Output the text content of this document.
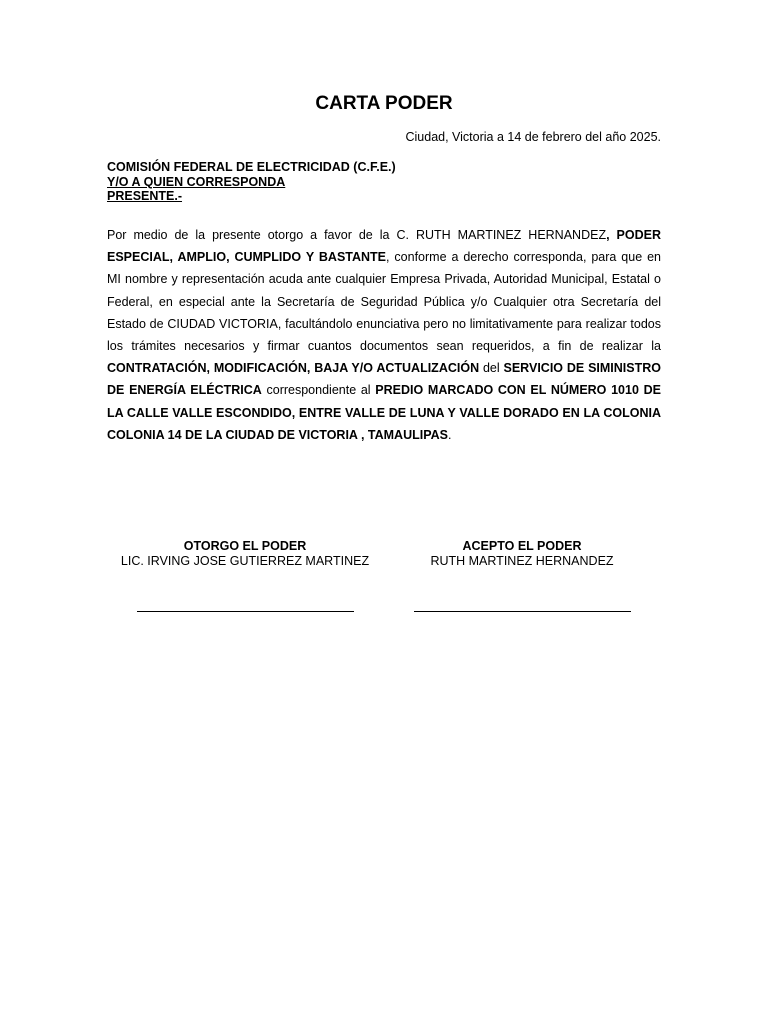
CARTA PODER
Ciudad, Victoria a 14 de febrero del año 2025.
COMISIÓN FEDERAL DE ELECTRICIDAD (C.F.E.)
Y/O A QUIEN CORRESPONDA
PRESENTE.-
Por medio de la presente otorgo a favor de la C. RUTH MARTINEZ HERNANDEZ, PODER ESPECIAL, AMPLIO, CUMPLIDO Y BASTANTE, conforme a derecho corresponda, para que en MI nombre y representación acuda ante cualquier Empresa Privada, Autoridad Municipal, Estatal o Federal, en especial ante la Secretaría de Seguridad Pública y/o Cualquier otra Secretaría del Estado de CIUDAD VICTORIA, facultándolo enunciativa pero no limitativamente para realizar todos los trámites necesarios y firmar cuantos documentos sean requeridos, a fin de realizar la CONTRATACIÓN, MODIFICACIÓN, BAJA Y/O ACTUALIZACIÓN del SERVICIO DE SIMINISTRO DE ENERGÍA ELÉCTRICA correspondiente al PREDIO MARCADO CON EL NÚMERO 1010 DE LA CALLE VALLE ESCONDIDO, ENTRE VALLE DE LUNA Y VALLE DORADO EN LA COLONIA COLONIA 14 DE LA CIUDAD DE VICTORIA , TAMAULIPAS.
OTORGO EL PODER
LIC. IRVING JOSE GUTIERREZ MARTINEZ
ACEPTO EL PODER
RUTH MARTINEZ HERNANDEZ
